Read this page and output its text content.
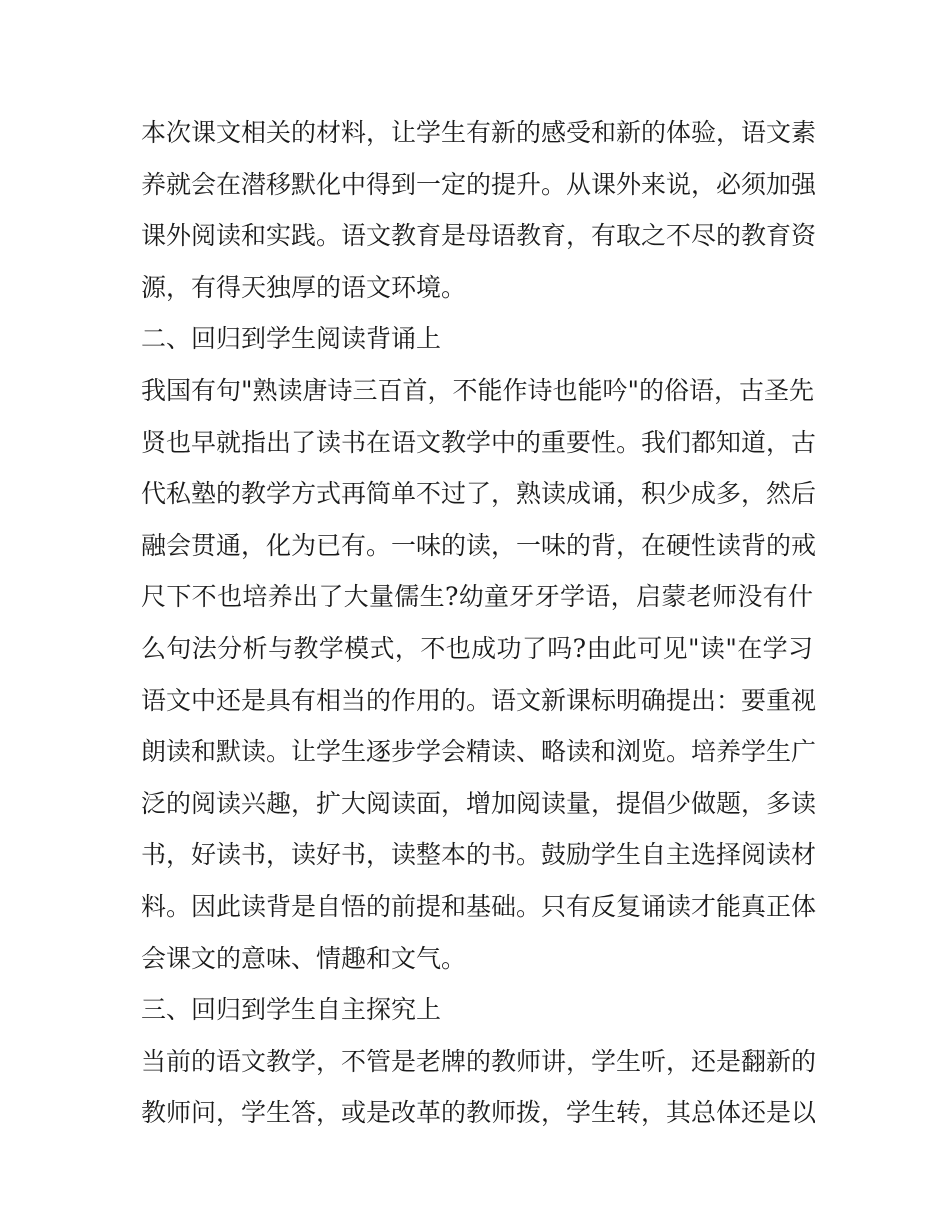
本次课文相关的材料，让学生有新的感受和新的体验，语文素
养就会在潜移默化中得到一定的提升。从课外来说，必须加强
课外阅读和实践。语文教育是母语教育，有取之不尽的教育资
源，有得天独厚的语文环境。
二、回归到学生阅读背诵上
我国有句"熟读唐诗三百首，不能作诗也能吟"的俗语，古圣先
贤也早就指出了读书在语文教学中的重要性。我们都知道，古
代私塾的教学方式再简单不过了，熟读成诵，积少成多，然后
融会贯通，化为已有。一味的读，一味的背，在硬性读背的戒
尺下不也培养出了大量儒生?幼童牙牙学语，启蒙老师没有什
么句法分析与教学模式，不也成功了吗?由此可见"读"在学习
语文中还是具有相当的作用的。语文新课标明确提出：要重视
朗读和默读。让学生逐步学会精读、略读和浏览。培养学生广
泛的阅读兴趣，扩大阅读面，增加阅读量，提倡少做题，多读
书，好读书，读好书，读整本的书。鼓励学生自主选择阅读材
料。因此读背是自悟的前提和基础。只有反复诵读才能真正体
会课文的意味、情趣和文气。
三、回归到学生自主探究上
当前的语文教学，不管是老牌的教师讲，学生听，还是翻新的
教师问，学生答，或是改革的教师拨，学生转，其总体还是以
